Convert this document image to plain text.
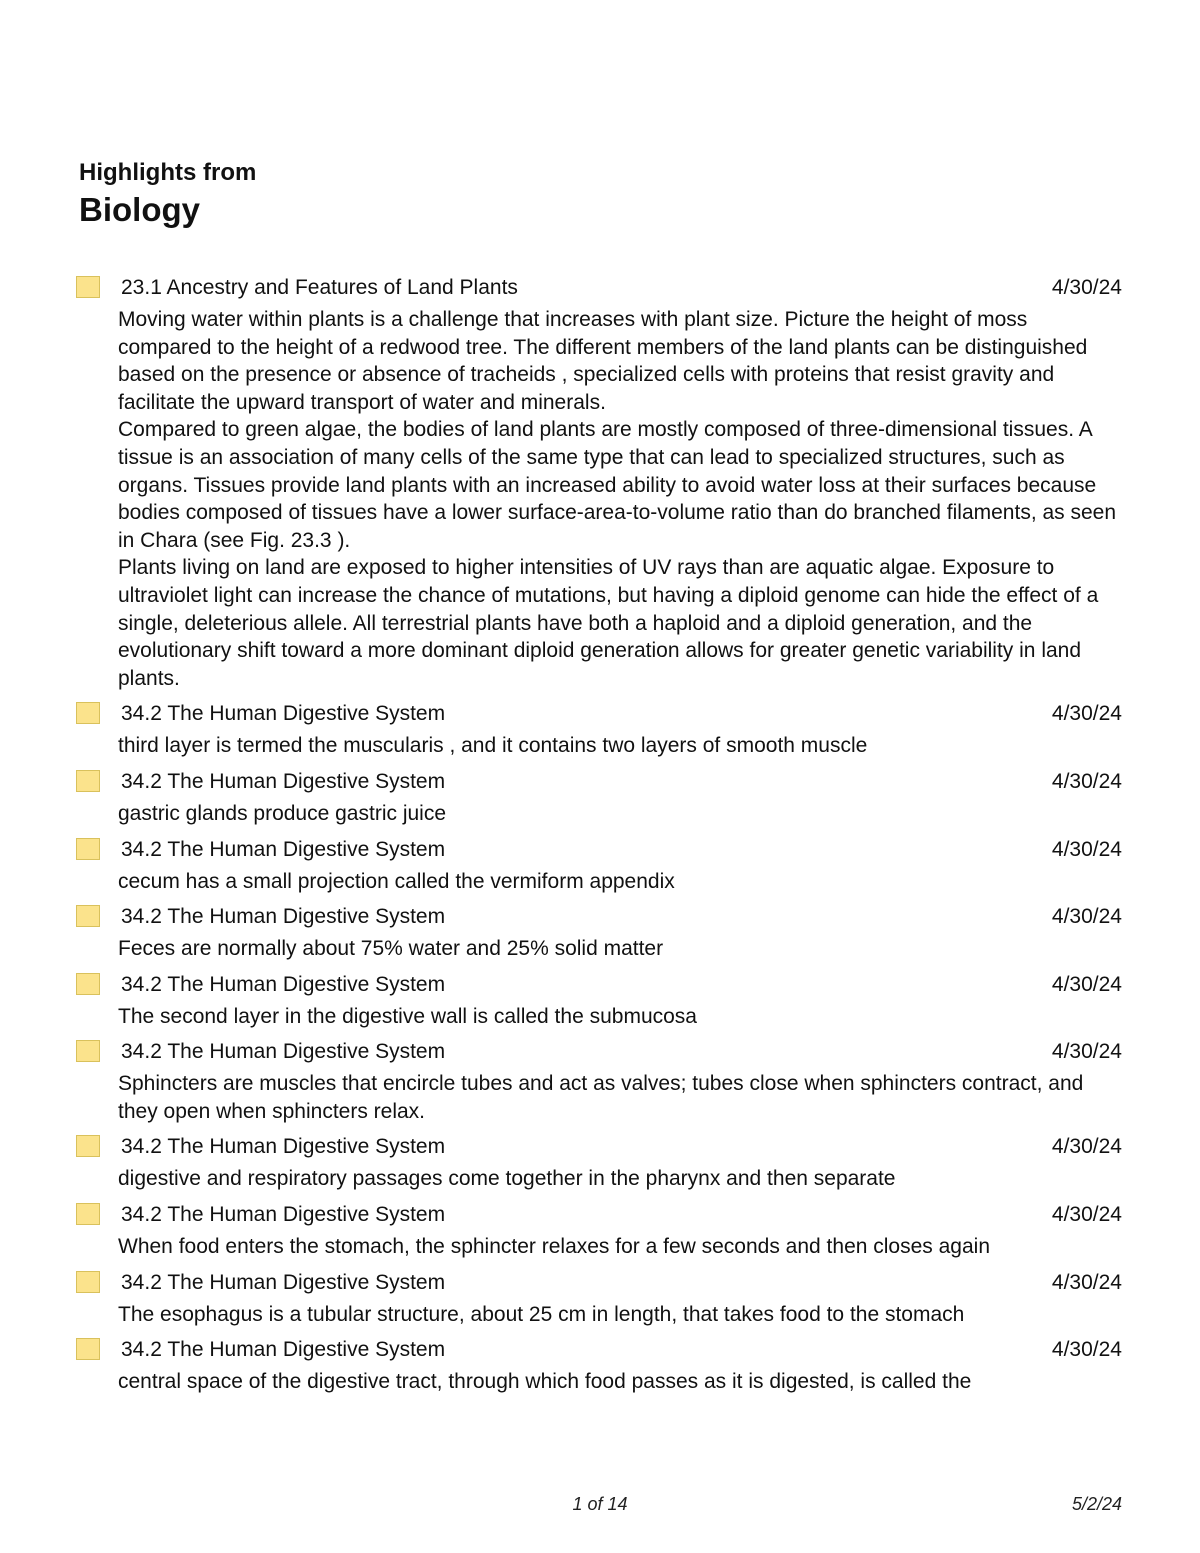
Highlights from
Biology
23.1 Ancestry and Features of Land Plants	4/30/24

Moving water within plants is a challenge that increases with plant size. Picture the height of moss compared to the height of a redwood tree. The different members of the land plants can be distinguished based on the presence or absence of tracheids , specialized cells with proteins that resist gravity and facilitate the upward transport of water and minerals.

Compared to green algae, the bodies of land plants are mostly composed of three-dimensional tissues. A tissue is an association of many cells of the same type that can lead to specialized structures, such as organs. Tissues provide land plants with an increased ability to avoid water loss at their surfaces because bodies composed of tissues have a lower surface-area-to-volume ratio than do branched filaments, as seen in Chara (see Fig. 23.3 ).

Plants living on land are exposed to higher intensities of UV rays than are aquatic algae. Exposure to ultraviolet light can increase the chance of mutations, but having a diploid genome can hide the effect of a single, deleterious allele. All terrestrial plants have both a haploid and a diploid generation, and the evolutionary shift toward a more dominant diploid generation allows for greater genetic variability in land plants.

34.2 The Human Digestive System	4/30/24

third layer is termed the muscularis , and it contains two layers of smooth muscle

34.2 The Human Digestive System	4/30/24

gastric glands produce gastric juice

34.2 The Human Digestive System	4/30/24

cecum has a small projection called the vermiform appendix

34.2 The Human Digestive System	4/30/24

Feces are normally about 75% water and 25% solid matter

34.2 The Human Digestive System	4/30/24

The second layer in the digestive wall is called the submucosa

34.2 The Human Digestive System	4/30/24

Sphincters are muscles that encircle tubes and act as valves; tubes close when sphincters contract, and they open when sphincters relax.

34.2 The Human Digestive System	4/30/24

digestive and respiratory passages come together in the pharynx and then separate

34.2 The Human Digestive System	4/30/24

When food enters the stomach, the sphincter relaxes for a few seconds and then closes again

34.2 The Human Digestive System	4/30/24

The esophagus is a tubular structure, about 25 cm in length, that takes food to the stomach

34.2 The Human Digestive System	4/30/24

central space of the digestive tract, through which food passes as it is digested, is called the

1 of 14	5/2/24
